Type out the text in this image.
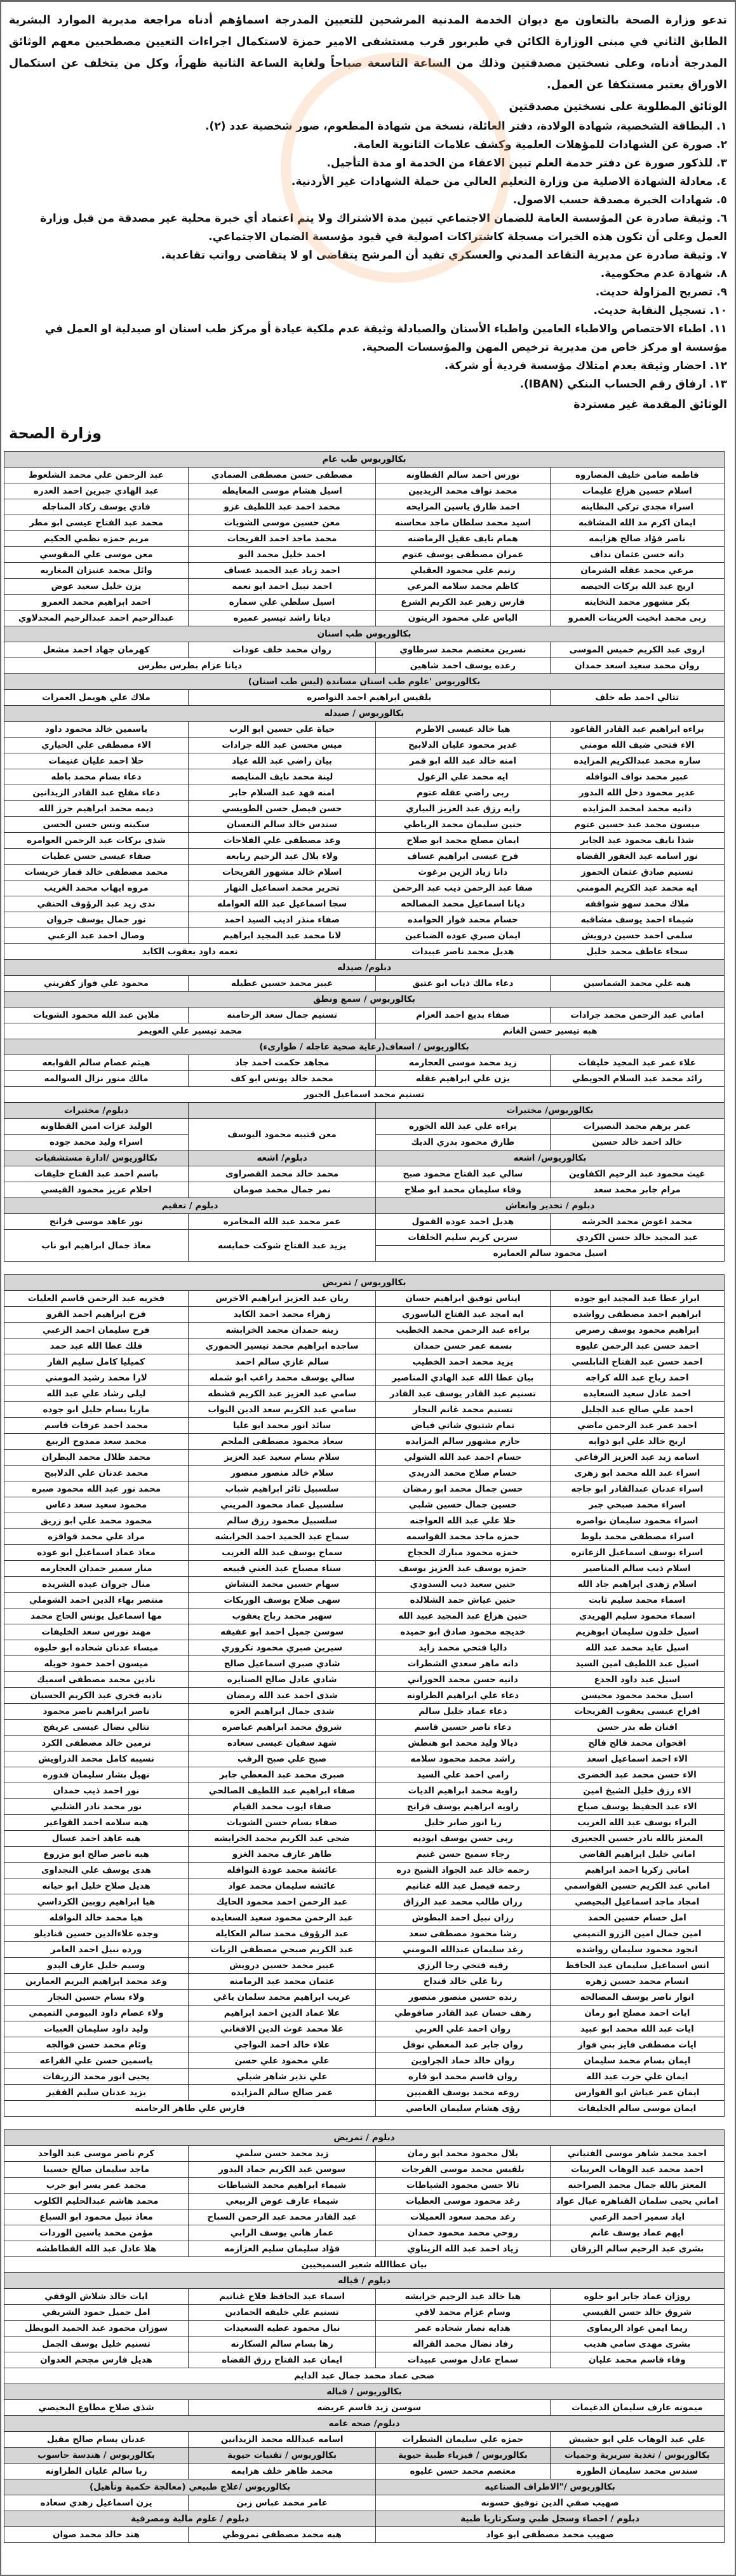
تدعو وزارة الصحة بالتعاون مع ديوان الخدمة المدنية المرشحين للتعيين المدرجة اسماؤهم أدناه مراجعة مديرية الموارد البشرية الطابق الثاني في مبنى الوزارة الكائن في طبربور قرب مستشفى الامير حمزة لاستكمال اجراءات التعيين مصطحبين معهم الوثائق المدرجة أدناه، وعلى نسختين مصدقتين وذلك من الساعة التاسعة صباحاً ولغاية الساعة الثانية ظهراً، وكل من يتخلف عن استكمال الاوراق يعتبر مستنكفا عن العمل.

الوثائق المطلوبة على نسختين مصدقتين

١.البطاقة الشخصية، شهادة الولادة، دفتر العائلة، نسخة من شهادة المطعوم، صور شخصية عدد (٢).
٢.صورة عن الشهادات للمؤهلات العلمية وكشف علامات الثانوية العامة.
٣.للذكور صورة عن دفتر خدمة العلم تبين الاعفاء من الخدمة او مدة التأجيل.
٤.معادلة الشهادة الاصلية من وزارة التعليم العالي من حملة الشهادات غير الأردنية.
٥.شهادات الخبرة مصدقة حسب الاصول.
٦.وثيقة صادرة عن المؤسسة العامة للضمان الاجتماعي تبين مدة الاشتراك ولا يتم اعتماد أي خبرة محلية غير مصدقة من قبل وزارة العمل وعلى أن تكون هذه الخبرات مسجلة كاشتراكات اصولية في قيود مؤسسة الضمان الاجتماعي.
٧.وثيقة صادرة عن مديرية التقاعد المدني والعسكري تفيد أن المرشح يتقاضى او لا يتقاضى رواتب تقاعدية.
٨.شهادة عدم محكومية.
٩.تصريح المزاولة حديث.
١٠.تسجيل النقابة حديث.
١١.اطباء الاختصاص والاطباء العامين واطباء الأسنان والصيادلة وثيقة عدم ملكية عيادة أو مركز طب اسنان او صيدلية او العمل في مؤسسة او مركز خاص من مديرية ترخيص المهن والمؤسسات الصحية.
١٢.احضار وثيقة بعدم امتلاك مؤسسة فردية أو شركة.
١٣.ارفاق رقم الحساب البنكي (IBAN).

الوثائق المقدمة غير مستردة

وزارة الصحة
بكالوريوس طب عام			
فاطمه ضامن خليف المصاروه	نورس احمد سالم القطاونه	مصطفى حسن مصطفى الصمادي	عبد الرحمن علي محمد الشلعوط
اسلام حسين هزاع عليمات	محمد نواف محمد الزيديين	اسيل هشام موسى المعايطه	عبد الهادي جبرين احمد العدره
اسراء مجدي تركي البطاينه	احمد طارق ياسين المرايحه	محمد احمد عبد اللطيف غزو	فادي يوسف ركاد المناجله
ايمان اكرم مد الله المشاقبه	اسيد محمد سلطان ماجد محاسنه	معن حسين موسى الشويات	محمد عبد الفتاح عيسى ابو مطر
ناصر فؤاد صالح هزايمه	همام نايف عقيل الرماضنه	محمد ماجد احمد الفريحات	مريم حمزه نظمي الحكيم
دانه حسن عثمان نداف	عمران مصطفى يوسف عتوم	احمد خليل محمد البو	معن موسى علي المقوسي
مرعي محمد عقله الشرمان	رنيم علي محمود العقيلي	احمد زياد عبد الحميد عساف	وائل محمد عنيزان المغاربه
اريج عبد الله بركات الحيصه	كاظم محمد سلامه المرعي	احمد نبيل احمد ابو نعمه	يزن خليل سعيد عوض
بكر مشهور محمد التخاينه	فارس زهير عبد الكريم الشرع	اسيل سلطي علي سماره	احمد ابراهيم محمد العمرو
ربى محمد ابخيت العرينات العمرو	الياس علي محمود الزيتون	ديانا راشد تيسير عميره	عبدالرحيم احمد عبدالرحيم المجدلاوي
بكالوريوس طب اسنان			
اروى عبد الكريم خميس الموسى	نسرين معتصم محمد سرطاوي	روان محمد خلف عودات	كهرمان جهاد احمد مشعل
روان محمد سعيد اسعد حمدان	رغده يوسف احمد شاهين	ديانا عزام بطرس بطرس	
بكالوريوس 'علوم طب اسنان مساندة (ليس طب اسنان)			
تتالي احمد طه خلف	بلقيس ابراهيم احمد النواصره		ملاك علي هويمل العمرات
بكالوريوس / صيدله			
براءه ابراهيم عبد القادر القاعود	هيا خالد عيسى الاطرم	حياة علي حسين ابو الرب	ياسمين خالد محمود داود
الاء فتحي ضيف الله مومني	غدير محمود عليان الدلابيح	ميس محسن عبد الله جرادات	الاء مصطفى علي الحياري
ساره محمد عبدالكريم المزايده	امنه خالد عبد الله ابو قمر	بيان راضي عبد الله عياد	حلا احمد عليان غنيمات
عبير محمد نواف النوافله	ايه محمد علي الزغول	لينة محمد نايف المنايصه	دعاء بسام محمد باطه
غدير محمود دخل الله البدور	ربى راضي عقله عتوم	امنه فهد عبد السلام جابر	دعاء مفلح عبد القادر الزيدانين
دانيه محمد امحمد المزايده	رايه رزق عبد العزيز البياري	حسن فيصل حسن الطويسي	ديمه محمد ابراهيم حرز الله
ميسون محمد عبد حسين عتوم	حنين سليمان محمد الرياطي	سندس خالد سالم النعسان	سكينه ونس حسن الحسن
شذا نايف محمود عبد الجابر	ايمان مصلح محمد ابو صلاح	وعد مصطفى علي الفلاحات	شذى بركات عبد الرحمن العوامره
نور اسامه عبد الغفور القضاه	فرح عيسى ابراهيم عساف	ولاء بلال عبد الرحيم ربابعه	صفاء عيسى حسن عطيات
تسنيم صادق عثمان الحموز	دانا زياد الزين برغوث	اسلام خالد مشهور الفريحات	محمد مصطفى خالد قماز خريسات
ايه محمد عبد الكريم المومني	صفا عبد الرحمن ذيب عبد الرحمن	تحرير محمد اسماعيل النهار	مروه ايهاب محمد الغريب
ملاك محمد سهو شواقفه	ديانا اسماعيل محمد المصالحه	سجا اسماعيل عبد الله العوامله	ندى زيد عبد الرؤوف الحنفي
شيماء احمد يوسف مشاقبه	حسام محمد فواز الحوامده	صفاء منذر اديب السيد احمد	نور جمال يوسف جروان
سلمى احمد حسين درويش	ايمان صبري عوده الضباعين	لانا محمد عبد المجيد ابراهيم	وصال احمد عبد الزعبي
سخاء عاطف محمد خليل	هديل محمد ناصر عبيدات	نعمه داود يعقوب الكايد	
دبلوم/ صيدله			
هبه علي محمد الشماسين	دعاء مالك ذياب ابو عتيق	عبير محمد حسين عطيله	محمود علي فواز كفريني
بكالوريوس / سمع ونطق			
اماني عبد الرحمن محمد جرادات	صفاء بديع احمد العزام	تسنيم جمال سعد الرحامنه	ملاين عبد الله محمود الشويات
هبه تيسير حسن الغانم		محمد تيسير علي العويمر	
بكالوريوس / اسعاف(رعاية صحية عاجله / طوارىء)			
علاء عمر عبد المجيد خليفات	زيد محمد موسى العجارمه	مجاهد حكمت احمد جاد	هيثم عصام سالم القوابعه
رائد محمد عبد السلام الحويطي	يزن علي ابراهيم عقله	محمد خالد يونس ابو كف	مالك منور نزال السوالمه
تسنيم محمد اسماعيل الجبور			
بكالوريوس/ مختبرات			دبلوم/ مختبرات
عمر برهم محمد النصيرات	براءه علي عبد الله الخوره	معن قتيبه محمود اليوسف	الوليد عزات امين القطاونه
خالد احمد خالد حسين	طارق محمود بدري الديك		اسراء وليد محمد جوده
بكالوريوس/ اشعه		دبلوم/ اشعه	بكالوريوس /ادارة مستشفيات
غيث محمود عبد الرحيم الكفاوين	سالي عبد الفتاح محمود صبح	محمد خالد محمد القصراوى	باسم احمد عبد الفتاح خليفات
مرام جابر محمد سعد	وفاء سليمان محمد ابو صلاح	نمر جمال محمد صومان	احلام عزيز محمود القيسي
دبلوم / تخدير وانعاش		دبلوم / تعقيم	
محمد اعوض محمد الخرشه	هديل احمد عوده القمول	عمر محمد عبد الله المخامره	نور عاهد موسى قرانح
عبد المجيد خالد حسن الكردي	سرين كريم سليم الخلفات	يزيد عبد الفتاح شوكت خمايسه	معاذ جمال ابراهيم ابو ناب
اسيل محمود سالم العمايره			
بكالوريوس / تمريض			
ابرار عطا عبد المجيد ابو جوده	ايناس توفيق ابراهيم حسان	ريان عبد العزيز ابراهيم الاخرس	فخريه عبد الرحمن قاسم العليات
ابراهيم احمد مصطفى رواشده	ايه امجد عبد الفتاح الياسوري	زهراء محمد احمد الكايد	فرح ابراهيم احمد القرو
ابراهيم محمود يوسف رصرص	براءه عبد الرحمن محمد الخطيب	زينه حمدان محمد الخرابشه	فرح سليمان احمد الزعبي
احمد حسن عبد الرحمن عليوه	بسمه عمر حسن حمدان	ساجده ابراهيم محمد تيسير الحموري	فلك عطا الله عبد حمد
احمد حسن عبد الفتاح النابلسي	يزيد محمد احمد الخطيب	سالم غازي سالم احمد	كميليا كامل سليم الفار
احمد رياح عبد الله كراجه	بيان عطا الله عبد الهادي المناصير	سالي يوسف محمد راغب ابو شمله	لارا محمد رشيد المومني
احمد عادل سعيد السعايده	تسنيم عبد القادر يوسف عبد القادر	سامي عبد العزيز عبد الكريم قشطه	ليلى رشاد علي عبد الله
احمد علي صالح عبد الجليل	تسنيم محمد غانم النجار	سامي عبد الكريم سعد الدين البواب	ماريا بسام خليل ابو جوده
احمد عمر عبد الرحمن ماضي	تمام شتيوي شاتي فياض	سائد انور محمد ابو عليا	محمد احمد عرفات قاسم
اريج خالد علي ابو ذوابه	حازم مشهور سالم المزايده	سعاد محمود مصطفى الملحم	محمد سعد ممدوح الربيع
اسامه زيد عبد العزيز الرفاعي	حسام احمد عبد الله الشولي	سلام بسام سعيد عبد العزيز	محمد طلال محمد البطران
اسراء عبد الله محمد ابو زهرى	حسام صلاح محمد الدريدي	سلام خالد منصور منصور	محمد عدنان علي الدلابيح
اسراء عدنان عبدالقادر ابو جاجه	حسن جمال محمد ابو رمضان	سلسبيل ثائر ابراهيم شباب	محمد نور عبد الله محمود صبره
اسراء محمد صبحي جبر	حسين جمال حسين شلبي	سلسبيل عماد محمود المريني	محمود سعيد سعد دعاس
اسراء محمود سليمان نواصره	حلا علي عبد الله العواجنه	سلسبيل محمود رزق سالم	محمود محمد علي ابو زريق
اسراء مصطفى محمد بلوط	حمزه ماجد محمد القواسمه	سماح عبد الحميد احمد الخرابشه	مراد علي محمد قواقزه
اسراء يوسف اسماعيل الزعاتره	حمزه محمود مبارك الحجاج	سماح يوسف عبد الله الغريب	معاذ عماد اسماعيل ابو عوده
اسلام ذيب سالم المناصير	حمزه يوسف عبد العزيز يوسف	سناء مصباح عبد الغني قبيعه	منار سمير حمدان العجارمه
اسلام زهدى ابراهيم جاد الله	حنين سعيد ذيب السدودي	سهام حسين محمد النشاش	منال جروان عبده الشريده
اسماء محمد سليم ثابت	حنين عياش حمد الشلالده	سهى صلاح يوسف الوريكات	منتصر بهاء الدين احمد الشوملي
اسماء محمود سليم الهريدي	حنين هزاع عبد المجيد عبيد الله	سهير محمد رباح يعقوب	مها اسماعيل يونس الحاج محمد
اسيل خلدون سليمان ابوهزيم	خديجه محمود صادق ابو حميده	سوسن جميل احمد ابو عفيفه	مهند نورس سعد الخليفات
اسيل عايد محمد عبد الله	داليا فتحي محمد زايد	سيرين صبري محمود تكروري	ميساء عدنان شحاده ابو حليوه
اسيل عبد اللطيف امين السيد	دانه ماهر سعدي الشطرات	شادي صبري اسماعيل صالح	ميسون احمد حمود خويله
اسيل عيد داود الجدع	دانيه حسن محمد الحوراني	شادي عادل صالح الصنايره	نادين محمد مصطفى اسميك
اسيل محمد محمود محيسن	دعاء علي ابراهيم الطراونه	شذى احمد عبد الله رمضان	ناديه فخري عبد الكريم الحسبان
افراح عيسى يعقوب الفريحات	دعاء عماد خليل سالم	شذى جمال ابراهيم العزه	ناصر ابراهيم ناصر محمود
افنان طه بدر حسن	دعاء ناصر حسين قاسم	شروق محمد ابراهيم عياصره	نتالي نضال عيسى عريفج
اقحوان محمد فالح فالح	ديالا وليد محمد ابو هنطش	شهد سفيان عيسى سعاده	نرمين خالد مصطفى الكرد
الاء احمد اسماعيل اسعد	راشد محمد محمود سلامه	صبح علي صبح الرقب	نسيبه كامل محمد الدراويش
الاء حسن محمد عبد الخضرى	رامي احمد علي السيد	صبرى محمد عبد المعطي جابر	نهيل بشار سليمان قدوره
الاء رزق خليل الشيخ امين	راوية محمد ابراهيم الديات	صفاء ابراهيم عبد اللطيف الصالحي	نور احمد ذيب حمدان
الاء عبد الحفيظ يوسف صباح	راويه ابراهيم يوسف قرانح	صفاء ايوب محمد القيام	نور محمد نادر الشلبي
البراء يوسف عبد الله الغريب	ريا انور صابر خليل	صفاء بسام حسن الشويات	هبه سلامه احمد القواعير
المعتز بالله نادر حسين الجعبرى	ربى حسن يوسف ابوديه	ضحى عبد الكريم محمد الخرابشه	هبه عاهد احمد عسال
اماني خليل ابراهيم القاضي	رجاء سميح حسن غنيم	طاهر عارف محمد الغزو	هبه ناصر صالح ابو مزروع
اماني زكريا احمد ابراهيم	رحمه خالد عبد الجواد الشيخ دره	عائشة محمد عودة النوافله	هدى يوسف علي النجداوى
اماني عبد الكريم حسين القواسمي	رحمه فيصل عبد الله غنانيم	عائشه سليمان محمد عواد	هديل صلاح خليل ابو حيانه
امجاد ماجد اسماعيل البحيصي	رزان طالب محمد عبد الرزاق	عبد الرحمن احمد محمود الحايك	هيا ابراهيم روبين الكرداسي
امل حسام حسين الحمد	رزان نبيل احمد البطوش	عبد الرحمن محمود سعيد السعايده	هيا محمد خالد النوافله
امين جمال امين الزرو التميمي	رشا محمود مصطفى سعد	عبد الرؤوف محمد سالم العكايله	وجده علاءالدين حسين قناديلو
انجود محمود سليمان رواشده	رغد سليمان عبدالله المومني	عبد الكريم صبحي مصطفى الزيات	ورده نبيل احمد العامر
انس اسماعيل سليمان عبد الحافظ	رقيه فتحي رجا الرزي	عبير محمد حسين درويش	وسيم خليل عارف البدو
انسام محمد حسين زهره	رنا علي خالد قنداح	عثمان محمد عبد الرمامنه	وعد محمد ابراهيم البريم العمارين
انوار ناصر يوسف المصالحه	رنده حسين منصور منصور	عريب ابراهيم محمد سلمان ياغي	ولاء بسام حسين النجار
ايات احمد مصلح ابو رمان	رهف حسان عبد القادر صافوطي	علا عماد الدين احمد ابراهيم	ولاء عصام داود البيومي التميمي
ايات عبد الله محمد ابو عبيد	روان احمد علي العربي	علا محمد غوث الدين الافغاني	وليد داود سليمان العبيات
ايات مصطفى فايز بني فواز	روان جابر عبد المعطي نوفل	علاء خالد احمد النواجي	وئام محمد حسن فوالجه
ايمان بسام محمد سليمان	روان خالد حماد الجراوين	علي محمود علي حسن	ياسمين حسن علي القراعه
ايمان علي حرب عبد الله	روان قاسم محمد ابو فاره	علي نذير شاهر شبلي	يحيى انور محمد الزريقات
ايمان عمر عياش ابو الفوارس	روعه محمد يوسف القمبين	عمر صالح سالم المزايده	يزيد عدنان سليم الفقير
ايمان موسى سالم الخليفات	رؤى هشام سليمان العاصي	فارس علي طاهر الرحامنه	
دبلوم / تمريض			
احمد محمد شاهر موسى الفتياني	بلال محمود محمد ابو رمان	زيد محمد حسن سلمي	كرم ناصر موسى عبد الواحد
احمد محمد عبد الوهاب العربيات	بلقيس محمد موسى الفرجات	سوسن عبد الكريم حماد البدور	ماجد سليمان صالح حسيبا
المعتز بالله جمال محمد الصراحنه	تالا حسن محمود الشباطات	شيماء ابراهيم محمد الشباطات	محمد عمر يسر ابو حرب
اماني يحيى سلمان القناهره عيال عواد	رغد محمود موسى العطيات	شيماء عارف عوض الربيعي	محمد هاشم عبدالحليم الكلوب
اياد سمير احمد الزعبي	رغد محمد سعود العميلات	عبد القادر محمد عبد الرحمن السباح	معاذ نبيل محمود ابو السباع
ايهم عماد يوسف غانم	روحي محمد محمود حمدان	عمار هاني يوسف الرابي	مؤمن محمد ياسين الوردات
بشرى عبد الرحيم سالم الزرقان	زياد احمد عبد الله الزيناوي	فؤاد سليمان سليم العزازمه	هلا عادل عبد الله القطاطشه
بيان عطاالله شعير السميحيين			
دبلوم / قباله			
روزان عماد جابر ابو حلوه	هيا خالد عبد الرحيم خرابشه	اسماء عبد الحافظ فلاح غنانيم	ايات خالد شلاش الوقفي
شروق خالد حسن القيسي	وسام عزام محمد لافي	تسنيم علي خليفه الحمادين	امل جميل حمود الشريفي
ريما ايمن عواد الريماوى	هدايه نصار شحاده عمر	نبال محمود عطيه السعيدات	سوزان محمود عبد الحميد البويطل
بشرى مهدى سامي هديب	رفاد نضال محمد القراله	زها بسام سالم السكارنه	تسنيم خليل يوسف الجمل
وفاء قاسم محمد عليان	سماح عادل موسى عبيدات	ايمان عبد الفتاح رزق القضاه	هديل فارس مجحم العدوان
ضحى عماد محمد جمال عبد الدايم			
بكالوريوس / قباله			
ميمونه عارف سليمان الدغيمات	سوسن زيد قاسم عريضه		شذى صلاح مطاوع البحيصي
دبلوم/ صحه عامه			
علي عبد الوهاب علي ابو حشيش	حمزه علي سليمان الشطرات	اسامه عبدالله محمد الزيدانين	عدنان بسام صالح مقبل
بكالوريوس / تغذية سريرية وحميات	بكالوريوس / فيزياء طبية حيوية	بكالوريوس / تقنيات حيوية	بكالوريوس / هندسة حاسوب
سندس محمد سليمان الطوره	معتصم محمد حسن عليوه	محمد ظاهر خلف هزايمه	ربا سالم عليان الطراونه
بكالوريوس /"الاطراف الصناعيه		بكالوريوس /علاج طبيعي (معالجة حكمية وتأهيل)	
صهيب صفي الدين توفيق حسونه		عامر محمد عباس زبن	يزن اسماعيل زهدي سعاده
دبلوم / احصاء وسجل طبي وسكرتاريا طبية		دبلوم / علوم مالية ومصرفية	
صهيب محمد مصطفى ابو عواد		هبه محمد مصطفى نمروطي	هند خالد محمد صوان
